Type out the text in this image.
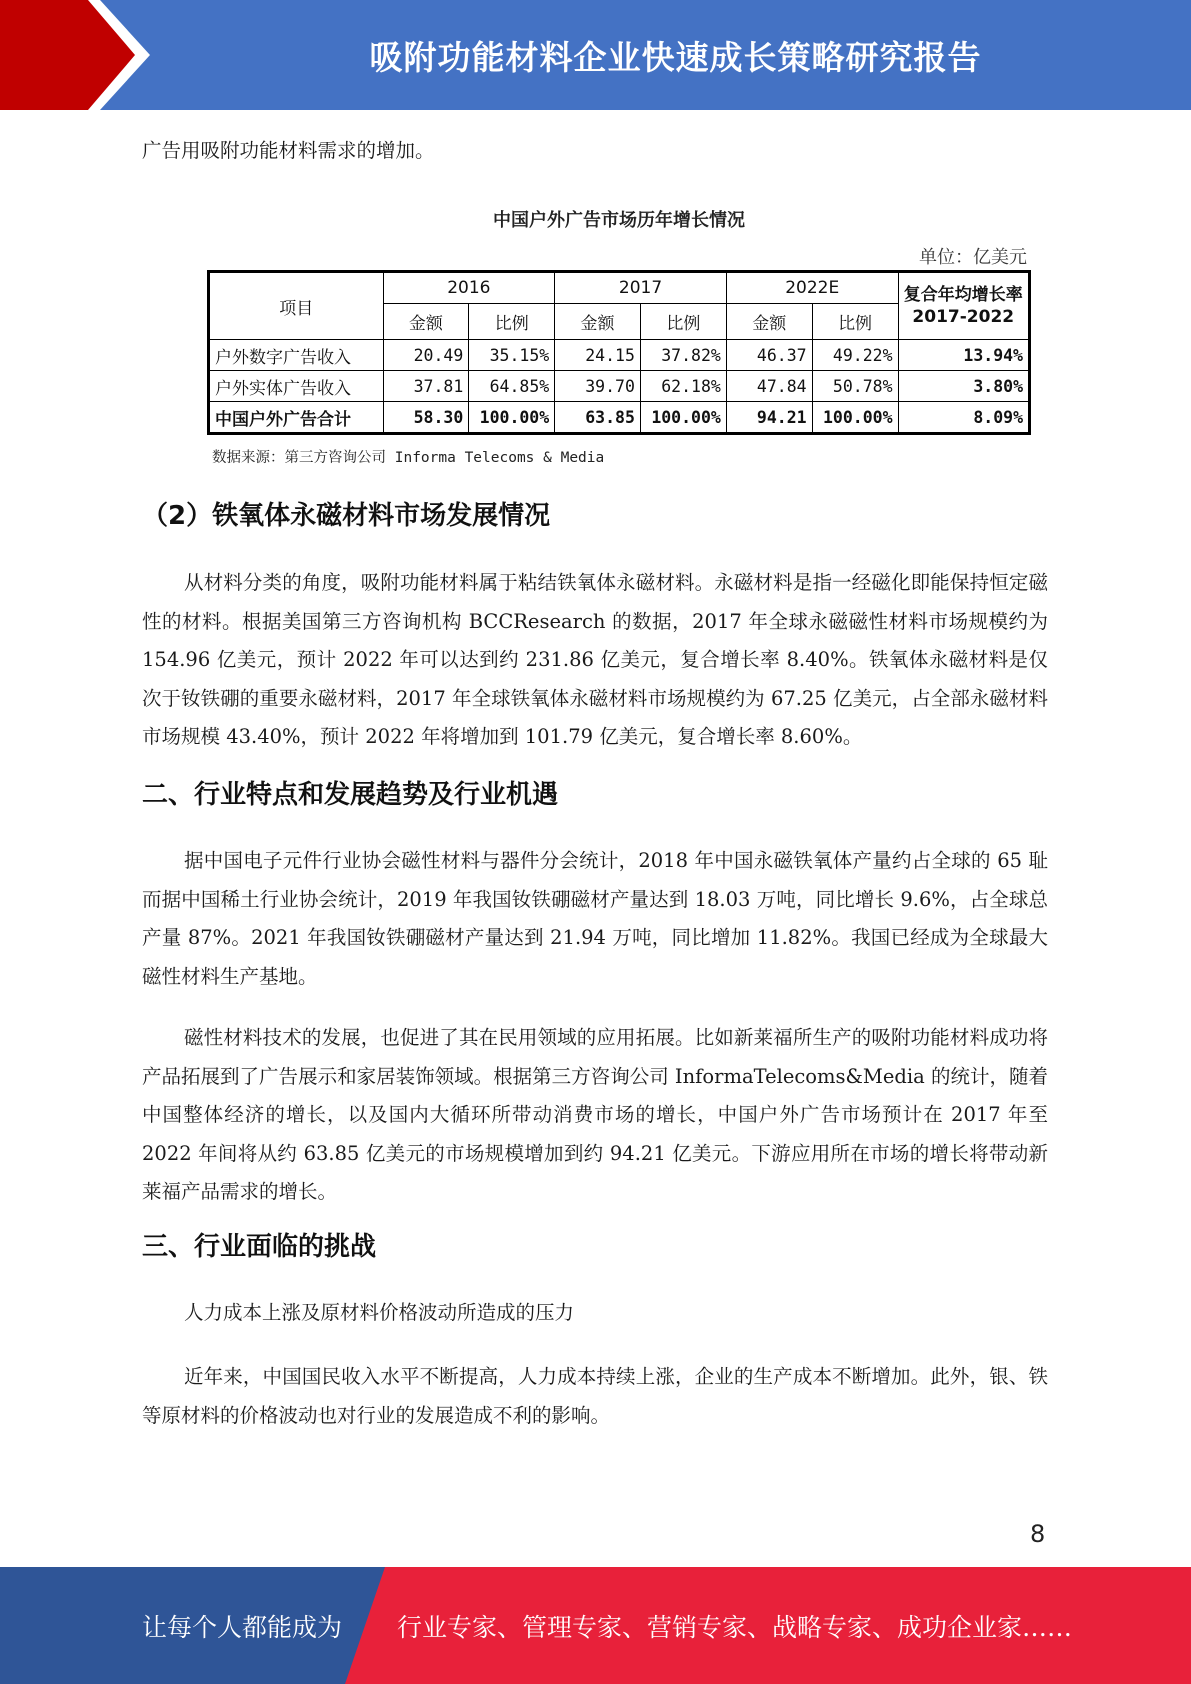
吸附功能材料企业快速成长策略研究报告

广告用吸附功能材料需求的增加。

中国户外广告市场历年增长情况
单位：亿美元
项目	2016		2017		2022E		复合年均增长率 2017-2022
	金额	比例	金额	比例	金额	比例	
户外数字广告收入	20.49	35.15%	24.15	37.82%	46.37	49.22%	13.94%
户外实体广告收入	37.81	64.85%	39.70	62.18%	47.84	50.78%	3.80%
中国户外广告合计	58.30	100.00%	63.85	100.00%	94.21	100.00%	8.09%
数据来源：第三方咨询公司 Informa Telecoms & Media
（2）铁氧体永磁材料市场发展情况

从材料分类的角度，吸附功能材料属于粘结铁氧体永磁材料。永磁材料是指一经磁化即能保持恒定磁性的材料。根据美国第三方咨询机构 BCCResearch 的数据，2017 年全球永磁磁性材料市场规模约为 154.96 亿美元，预计 2022 年可以达到约 231.86 亿美元，复合增长率 8.40%。铁氧体永磁材料是仅次于钕铁硼的重要永磁材料，2017 年全球铁氧体永磁材料市场规模约为 67.25 亿美元，占全部永磁材料市场规模 43.40%，预计 2022 年将增加到 101.79 亿美元，复合增长率 8.60%。

二、行业特点和发展趋势及行业机遇

据中国电子元件行业协会磁性材料与器件分会统计，2018 年中国永磁铁氧体产量约占全球的 65 耻而据中国稀土行业协会统计，2019 年我国钕铁硼磁材产量达到 18.03 万吨，同比增长 9.6%，占全球总产量 87%。2021 年我国钕铁硼磁材产量达到 21.94 万吨，同比增加 11.82%。我国已经成为全球最大磁性材料生产基地。

磁性材料技术的发展，也促进了其在民用领域的应用拓展。比如新莱福所生产的吸附功能材料成功将产品拓展到了广告展示和家居装饰领域。根据第三方咨询公司 InformaTelecoms&Media 的统计，随着中国整体经济的增长，以及国内大循环所带动消费市场的增长，中国户外广告市场预计在 2017 年至 2022 年间将从约 63.85 亿美元的市场规模增加到约 94.21 亿美元。下游应用所在市场的增长将带动新莱福产品需求的增长。

三、行业面临的挑战

人力成本上涨及原材料价格波动所造成的压力

近年来，中国国民收入水平不断提高，人力成本持续上涨，企业的生产成本不断增加。此外，银、铁等原材料的价格波动也对行业的发展造成不利的影响。

8
让每个人都能成为 行业专家、管理专家、营销专家、战略专家、成功企业家……
